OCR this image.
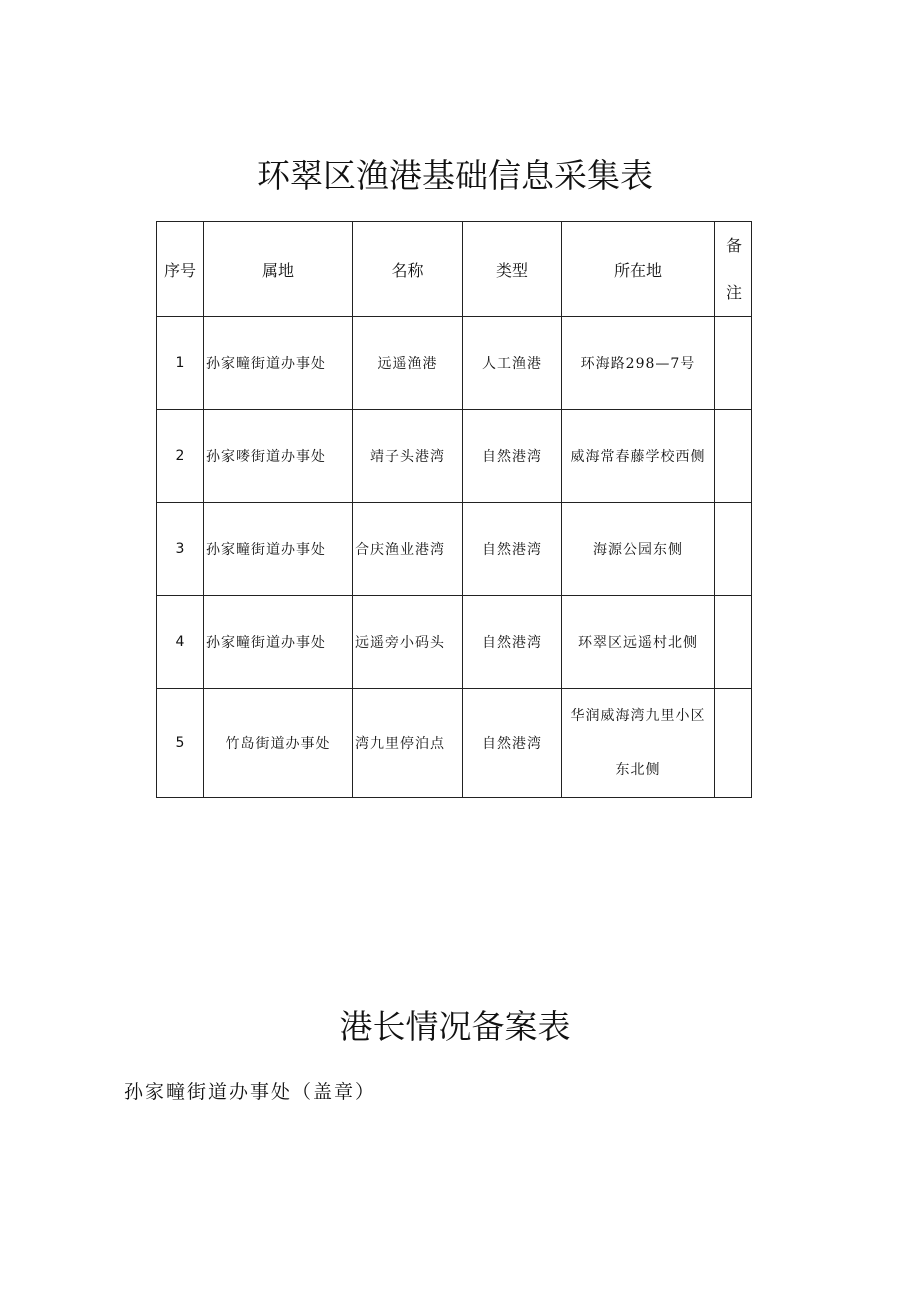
环翠区渔港基础信息采集表
序号	属地	名称	类型	所在地	备
注

1	孙家疃街道办事处	远遥渔港	人工渔港	环海路298—7号	
2	孙家嘜街道办事处	靖子头港湾	自然港湾	威海常春藤学校西侧	
3	孙家疃街道办事处	合庆渔业港湾	自然港湾	海源公园东侧	
4	孙家疃街道办事处	远遥旁小码头	自然港湾	环翠区远遥村北侧	
5	竹岛街道办事处	湾九里停泊点	自然港湾	华润威海湾九里小区东北侧	
港长情况备案表
孙家疃街道办事处（盖章）
